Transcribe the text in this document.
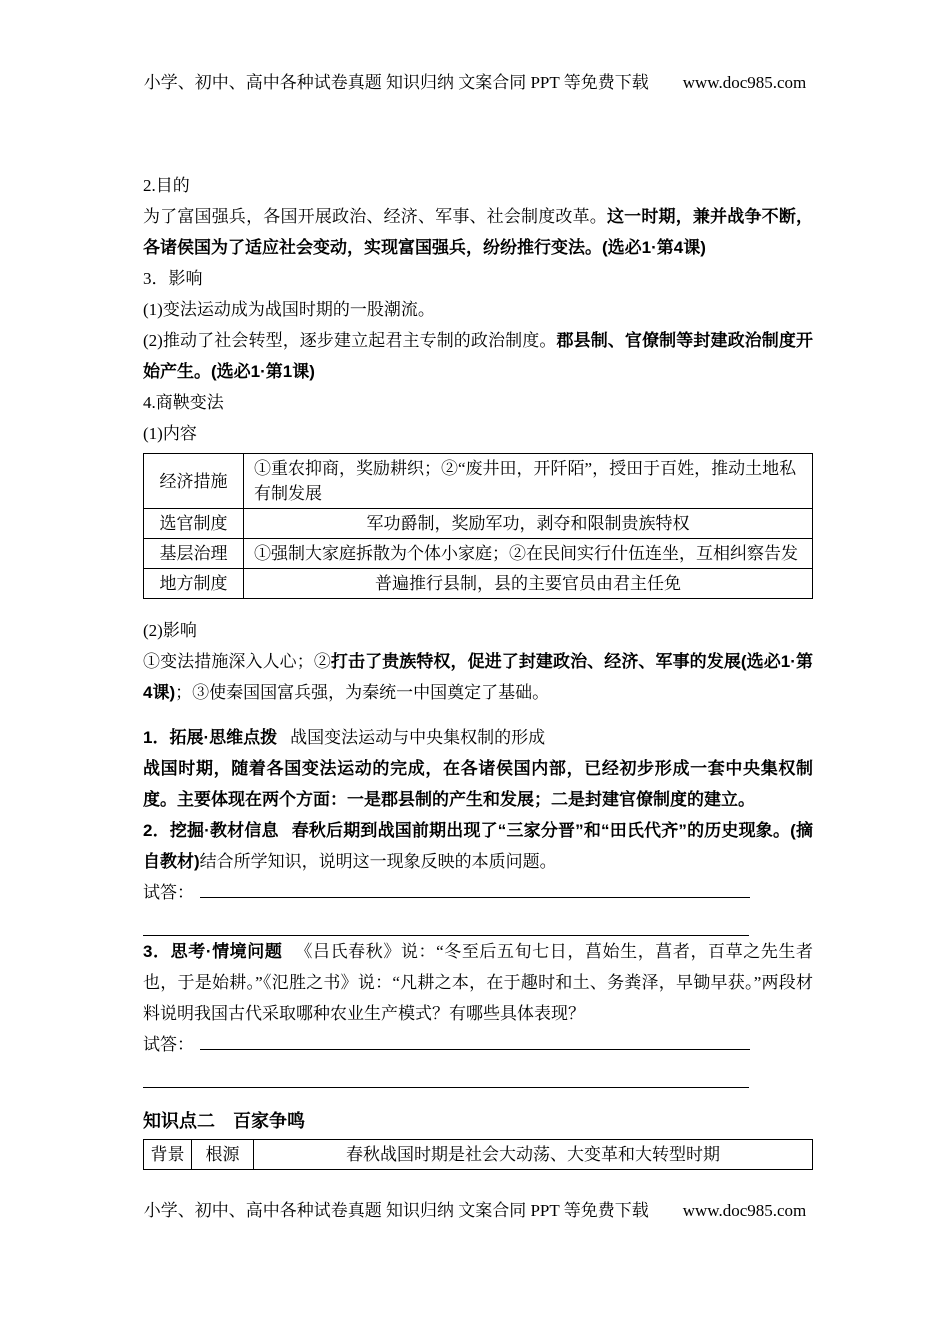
小学、初中、高中各种试卷真题 知识归纳 文案合同 PPT 等免费下载 www.doc985.com

2.目的

为了富国强兵，各国开展政治、经济、军事、社会制度改革。这一时期，兼并战争不断，各诸侯国为了适应社会变动，实现富国强兵，纷纷推行变法。(选必1·第4课)

3．影响

(1)变法运动成为战国时期的一股潮流。

(2)推动了社会转型，逐步建立起君主专制的政治制度。郡县制、官僚制等封建政治制度开始产生。(选必1·第1课)

4.商鞅变法

(1)内容

经济措施	①重农抑商，奖励耕织；②“废井田，开阡陌”，授田于百姓，推动土地私有制发展
选官制度	军功爵制，奖励军功，剥夺和限制贵族特权
基层治理	①强制大家庭拆散为个体小家庭；②在民间实行什伍连坐，互相纠察告发
地方制度	普遍推行县制，县的主要官员由君主任免

(2)影响

①变法措施深入人心；②打击了贵族特权，促进了封建政治、经济、军事的发展(选必1·第4课)；③使秦国国富兵强，为秦统一中国奠定了基础。

1．拓展·思维点拨 战国变法运动与中央集权制的形成

战国时期，随着各国变法运动的完成，在各诸侯国内部，已经初步形成一套中央集权制度。主要体现在两个方面：一是郡县制的产生和发展；二是封建官僚制度的建立。

2．挖掘·教材信息 春秋后期到战国前期出现了“三家分晋”和“田氏代齐”的历史现象。(摘自教材)结合所学知识，说明这一现象反映的本质问题。

试答：

3．思考·情境问题 《吕氏春秋》说：“冬至后五旬七日，菖始生，菖者，百草之先生者也，于是始耕。”《氾胜之书》说：“凡耕之本，在于趣时和土、务粪泽，早锄早获。”两段材料说明我国古代采取哪种农业生产模式？有哪些具体表现？

试答：

知识点二　百家争鸣

背景	根源	春秋战国时期是社会大动荡、大变革和大转型时期
小学、初中、高中各种试卷真题 知识归纳 文案合同 PPT 等免费下载 www.doc985.com
